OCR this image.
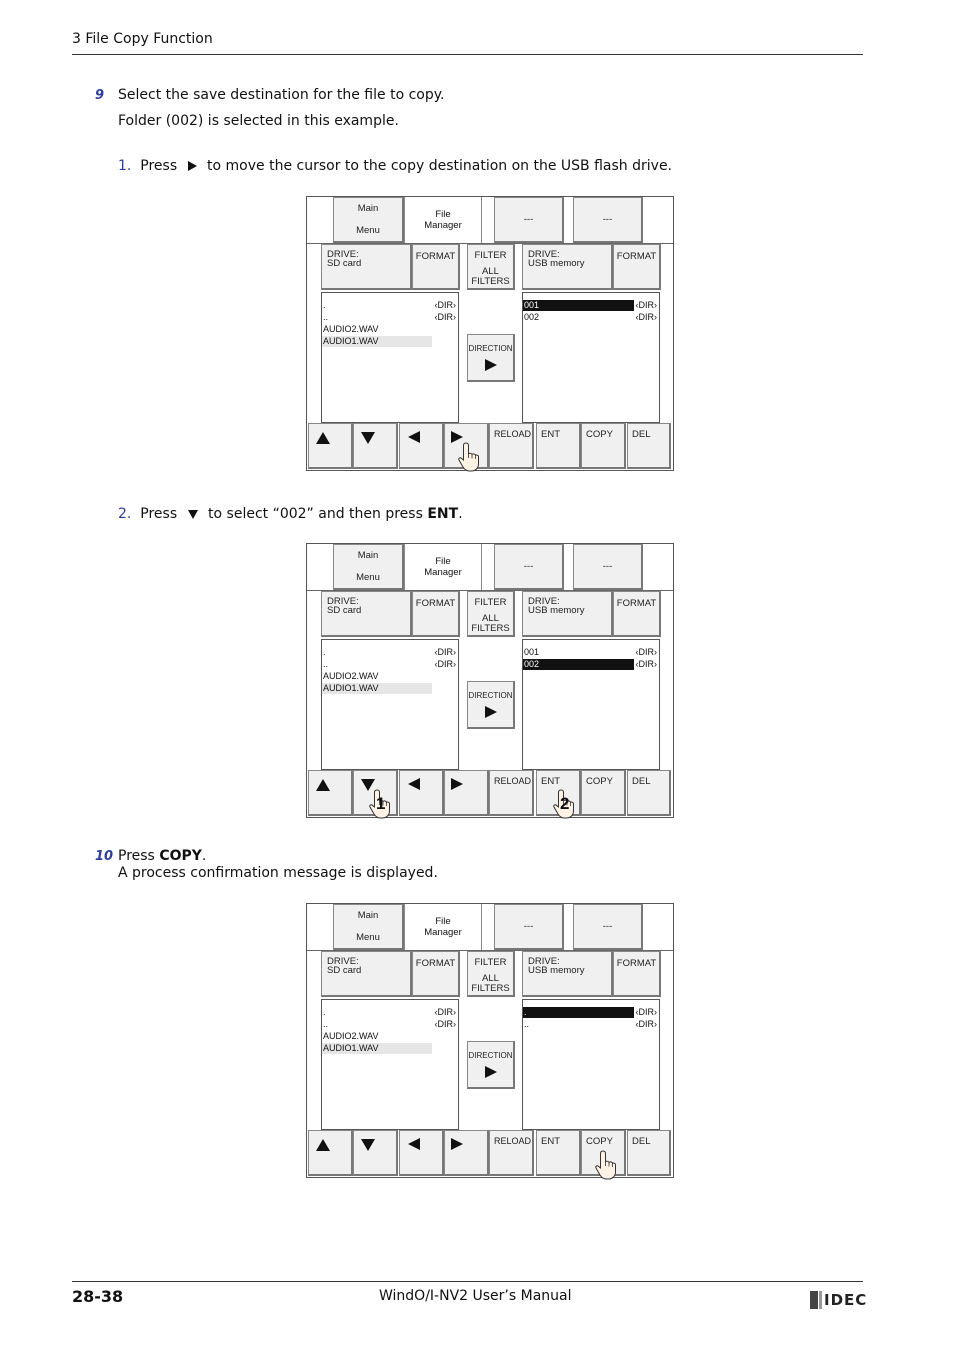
3 File Copy Function
9 Select the save destination for the file to copy.
Folder (002) is selected in this example.
1. Press to move the cursor to the copy destination on the USB flash drive.
Main

Menu
File
Manager
---	---
DRIVE:
SD card
FORMAT	FILTER

ALL
FILTERS
DRIVE:
USB memory
FORMAT
.	‹DIR›
..	‹DIR›
AUDIO2.WAV
AUDIO1.WAV
DIRECTION
001	‹DIR›
002	‹DIR›
RELOAD ENT	COPY DEL
2. Press to select “002” and then press ENT.
Main

Menu
File
Manager
---	---
DRIVE:
SD card
FORMAT	FILTER

ALL
FILTERS
DRIVE:
USB memory
FORMAT
.	‹DIR›
..	‹DIR›
AUDIO2.WAV
AUDIO1.WAV
DIRECTION
001	‹DIR›
002	‹DIR›
RELOAD ENT	COPY DEL
1	2
10 Press COPY.
A process confirmation message is displayed.
Main

Menu
File
Manager
---	---
DRIVE:
SD card
FORMAT	FILTER

ALL
FILTERS
DRIVE:
USB memory
FORMAT
.	‹DIR›
..	‹DIR›
AUDIO2.WAV
AUDIO1.WAV
DIRECTION
.	‹DIR›
..	‹DIR›
RELOAD ENT	COPY DEL
28-38	WindO/I-NV2 User’s Manual	IDEC
